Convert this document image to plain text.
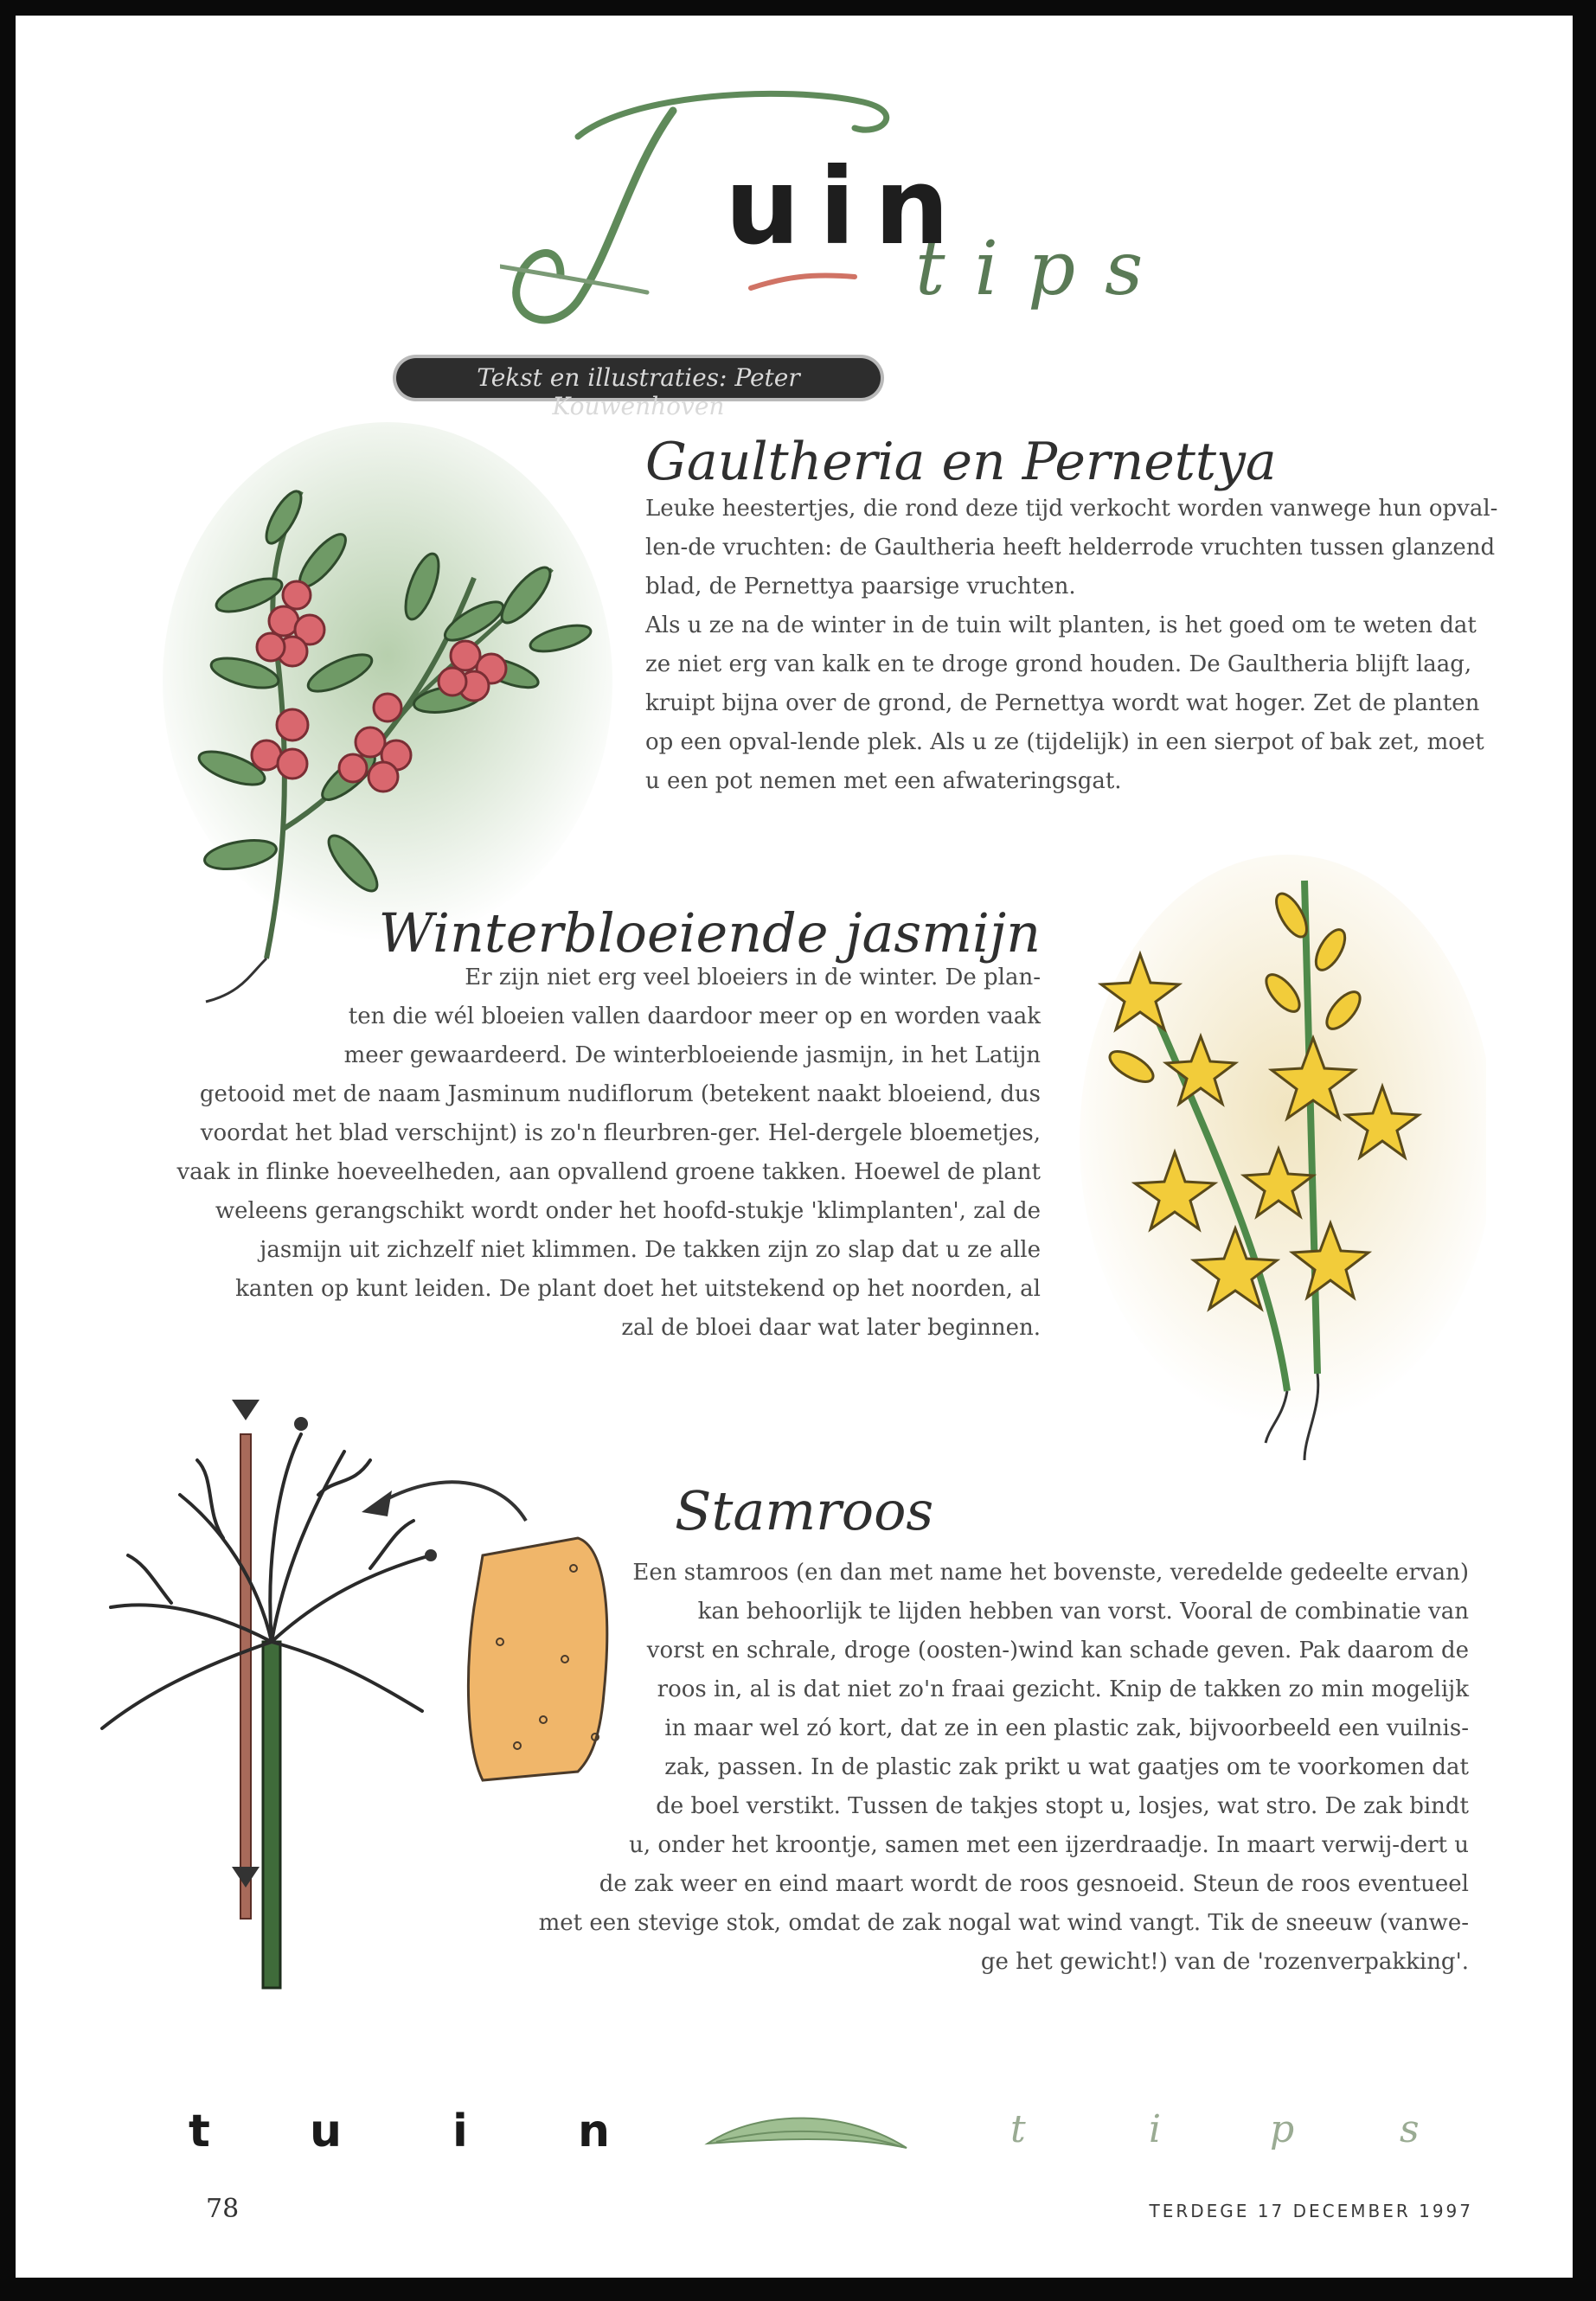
uin
tips
Tekst en illustraties: Peter Kouwenhoven
Gaultheria en Pernettya
Leuke heestertjes, die rond deze tijd verkocht worden vanwege hun opval-
len-de vruchten: de Gaultheria heeft helderrode vruchten tussen glanzend
blad, de Pernettya paarsige vruchten.
Als u ze na de winter in de tuin wilt planten, is het goed om te weten dat
ze niet erg van kalk en te droge grond houden. De Gaultheria blijft laag,
kruipt bijna over de grond, de Pernettya wordt wat hoger. Zet de planten
op een opval-lende plek. Als u ze (tijdelijk) in een sierpot of bak zet, moet
u een pot nemen met een afwateringsgat.
Winterbloeiende jasmijn
Er zijn niet erg veel bloeiers in de winter. De plan-
ten die wél bloeien vallen daardoor meer op en worden vaak
meer gewaardeerd. De winterbloeiende jasmijn, in het Latijn
getooid met de naam Jasminum nudiflorum (betekent naakt bloeiend, dus
voordat het blad verschijnt) is zo'n fleurbren-ger. Hel-dergele bloemetjes,
vaak in flinke hoeveelheden, aan opvallend groene takken. Hoewel de plant
weleens gerangschikt wordt onder het hoofd-stukje 'klimplanten', zal de
jasmijn uit zichzelf niet klimmen. De takken zijn zo slap dat u ze alle
kanten op kunt leiden. De plant doet het uitstekend op het noorden, al
zal de bloei daar wat later beginnen.
Stamroos
Een stamroos (en dan met name het bovenste, veredelde gedeelte ervan)
kan behoorlijk te lijden hebben van vorst. Vooral de combinatie van
vorst en schrale, droge (oosten-)wind kan schade geven. Pak daarom de
roos in, al is dat niet zo'n fraai gezicht. Knip de takken zo min mogelijk
in maar wel zó kort, dat ze in een plastic zak, bijvoorbeeld een vuilnis-
zak, passen. In de plastic zak prikt u wat gaatjes om te voorkomen dat
de boel verstikt. Tussen de takjes stopt u, losjes, wat stro. De zak bindt
u, onder het kroontje, samen met een ijzerdraadje. In maart verwij-dert u
de zak weer en eind maart wordt de roos gesnoeid. Steun de roos eventueel
met een stevige stok, omdat de zak nogal wat wind vangt. Tik de sneeuw (vanwe-
ge het gewicht!) van de 'rozenverpakking'.
t u i n	t	i	p	s
78	TERDEGE 17 DECEMBER 1997
